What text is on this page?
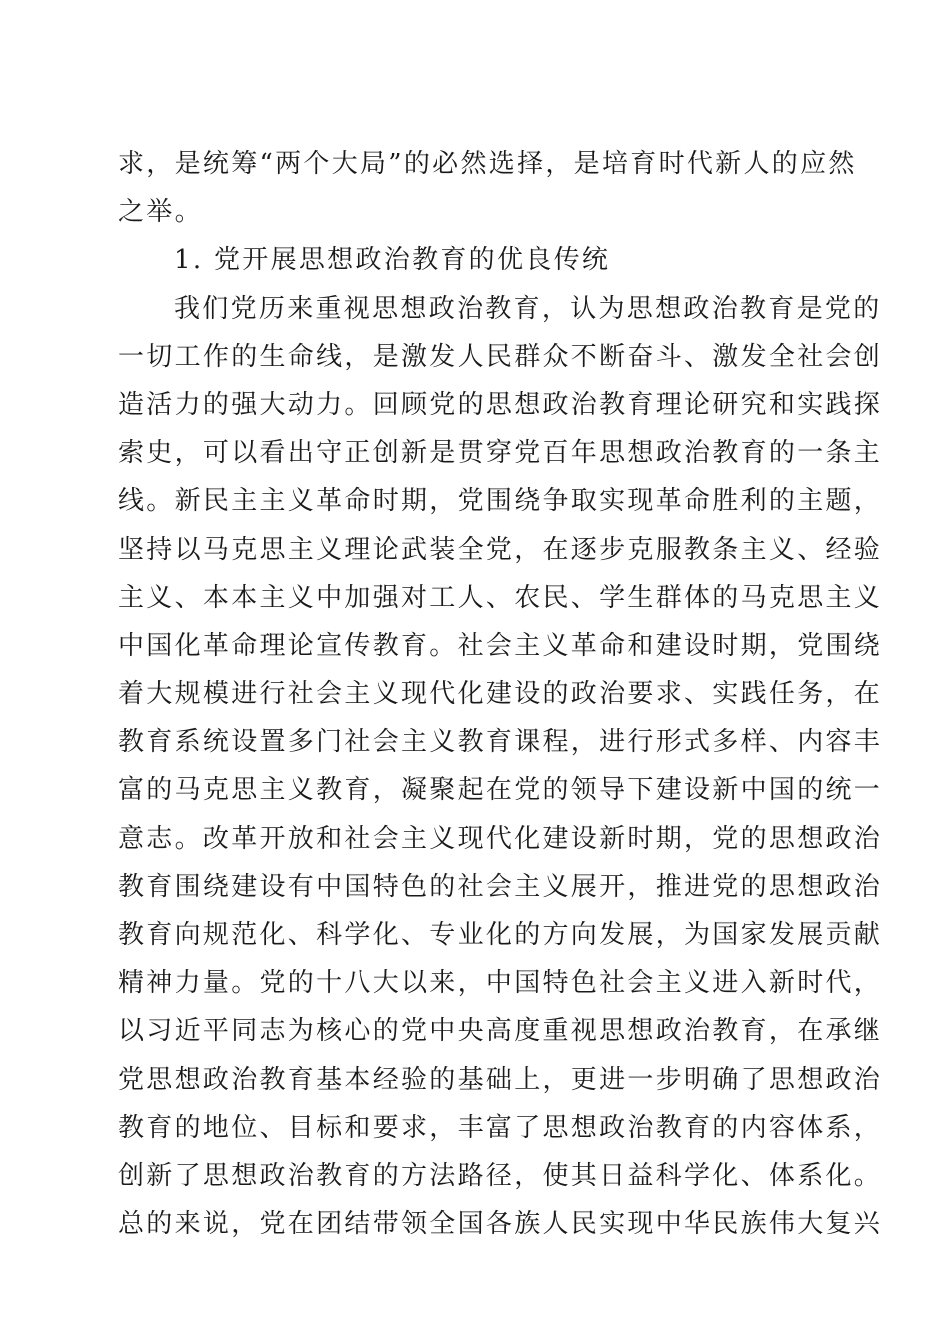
求，是统筹“两个大局”的必然选择，是培育时代新人的应然
之举。
1. 党开展思想政治教育的优良传统
我们党历来重视思想政治教育，认为思想政治教育是党的
一切工作的生命线，是激发人民群众不断奋斗、激发全社会创
造活力的强大动力。回顾党的思想政治教育理论研究和实践探
索史，可以看出守正创新是贯穿党百年思想政治教育的一条主
线。新民主主义革命时期，党围绕争取实现革命胜利的主题，
坚持以马克思主义理论武装全党，在逐步克服教条主义、经验
主义、本本主义中加强对工人、农民、学生群体的马克思主义
中国化革命理论宣传教育。社会主义革命和建设时期，党围绕
着大规模进行社会主义现代化建设的政治要求、实践任务，在
教育系统设置多门社会主义教育课程，进行形式多样、内容丰
富的马克思主义教育，凝聚起在党的领导下建设新中国的统一
意志。改革开放和社会主义现代化建设新时期，党的思想政治
教育围绕建设有中国特色的社会主义展开，推进党的思想政治
教育向规范化、科学化、专业化的方向发展，为国家发展贡献
精神力量。党的十八大以来，中国特色社会主义进入新时代，
以习近平同志为核心的党中央高度重视思想政治教育，在承继
党思想政治教育基本经验的基础上，更进一步明确了思想政治
教育的地位、目标和要求，丰富了思想政治教育的内容体系，
创新了思想政治教育的方法路径，使其日益科学化、体系化。
总的来说，党在团结带领全国各族人民实现中华民族伟大复兴
